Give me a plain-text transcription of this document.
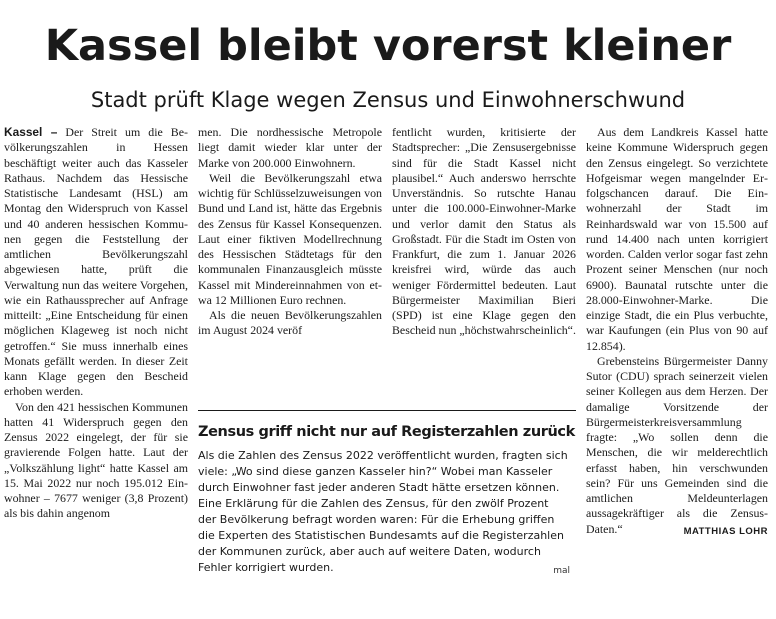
Kassel bleibt vorerst kleiner
Stadt prüft Klage wegen Zensus und Einwohnerschwund

Kassel – Der Streit um die Bevölkerungszahlen in Hessen beschäftigt weiter auch das Kasseler Rathaus. Nachdem das Hessische Statistische Landesamt (HSL) am Montag den Widerspruch von Kassel und 40 anderen hessischen Kommunen gegen die Feststellung der amtlichen Bevölkerungszahl abgewiesen hatte, prüft die Verwaltung nun das weitere Vorgehen, wie ein Rathaussprecher auf Anfrage mitteilt: „Eine Entscheidung für einen möglichen Klageweg ist noch nicht getroffen.“ Sie muss innerhalb eines Monats gefällt werden. In dieser Zeit kann Klage gegen den Bescheid erhoben werden.

Von den 421 hessischen Kommunen hatten 41 Widerspruch gegen den Zensus 2022 eingelegt, der für sie gravierende Folgen hatte. Laut der „Volkszählung light“ hatte Kassel am 15. Mai 2022 nur noch 195.012 Einwohner – 7677 weniger (3,8 Prozent) als bis dahin angenom

men. Die nordhessische Metropole liegt damit wieder klar unter der Marke von 200.000 Einwohnern.

Weil die Bevölkerungszahl etwa wichtig für Schlüsselzuweisungen von Bund und Land ist, hätte das Ergebnis des Zensus für Kassel Konsequenzen. Laut einer fiktiven Modellrechnung des Hessischen Städtetags für den kommunalen Finanzausgleich müsste Kassel mit Mindereinnahmen von etwa 12 Millionen Euro rechnen.

Als die neuen Bevölkerungszahlen im August 2024 veröf

fentlicht wurden, kritisierte der Stadtsprecher: „Die Zensusergebnisse sind für die Stadt Kassel nicht plausibel.“ Auch anderswo herrschte Unverständnis. So rutschte Hanau unter die 100.000-Einwohner-Marke und verlor damit den Status als Großstadt. Für die Stadt im Osten von Frankfurt, die zum 1. Januar 2026 kreisfrei wird, würde das auch weniger Fördermittel bedeuten. Laut Bürgermeister Maximilian Bieri (SPD) ist eine Klage gegen den Bescheid nun „höchstwahrscheinlich“.

Aus dem Landkreis Kassel hatte keine Kommune Widerspruch gegen den Zensus eingelegt. So verzichtete Hofgeismar wegen mangelnder Erfolgschancen darauf. Die Einwohnerzahl der Stadt im Reinhardswald war von 15.500 auf rund 14.400 nach unten korrigiert worden. Calden verlor sogar fast zehn Prozent seiner Menschen (nur noch 6900). Baunatal rutschte unter die 28.000-Einwohner-Marke. Die einzige Stadt, die ein Plus verbuchte, war Kaufungen (ein Plus von 90 auf 12.854).

Grebensteins Bürgermeister Danny Sutor (CDU) sprach seinerzeit vielen seiner Kollegen aus dem Herzen. Der damalige Vorsitzende der Bürgermeisterkreisversammlung fragte: „Wo sollen denn die Menschen, die wir melderechtlich erfasst haben, hin verschwunden sein? Für uns Gemeinden sind die amtlichen Meldeunterlagen aussagekräftiger als die ZensusDaten.“	MATTHIAS LOHR

Zensus griff nicht nur auf Registerzahlen zurück

Als die Zahlen des Zensus 2022 veröffentlicht wurden, fragten sich viele: „Wo sind diese ganzen Kasseler hin?“ Wobei man Kasseler durch Einwohner fast jeder anderen Stadt hätte ersetzen können. Eine Erklärung für die Zahlen des Zensus, für den zwölf Prozent der Bevölkerung befragt worden waren: Für die Erhebung griffen die Experten des Statistischen Bundesamts auf die Registerzahlen der Kommunen zurück, aber auch auf weitere Daten, wodurch Fehler korrigiert wurden.	mal
